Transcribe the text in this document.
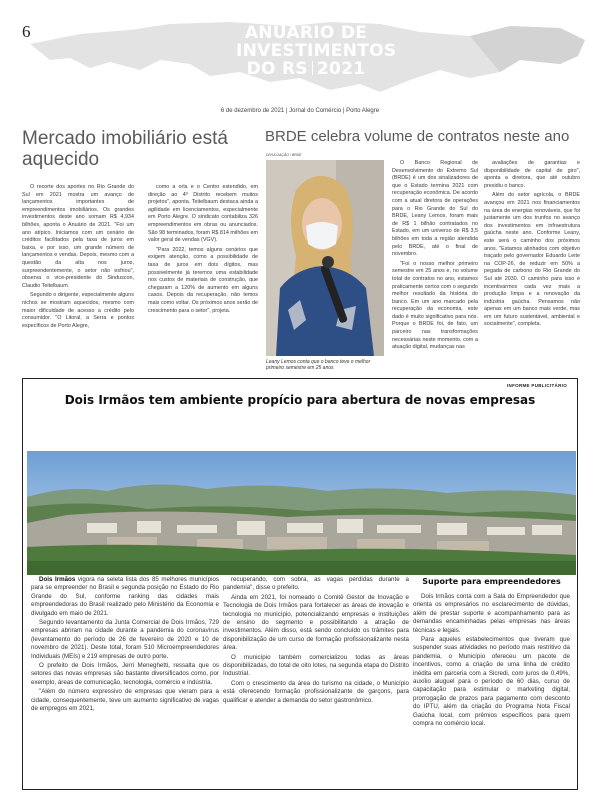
6	ANUÁRIO DE
INVESTIMENTOS
DO RS 2021
6 de dezembro de 2021 | Jornal do Comércio | Porto Alegre
Mercado imobiliário está aquecido

O recorte dos aportes no Rio Grande do Sul em 2021 mostra um avanço de lançamentos importantes de empreendimentos imobiliários. Os grandes investimentos deste ano somam R$ 4,934 bilhões, aponta o Anuário de 2021. "Foi um ano atípico. Iniciamos com um cenário de créditos facilitados pela taxa de juros em baixa, e por isso, um grande número de lançamentos e vendas. Depois, mesmo com a questão da alta nos juros, surpreendentemente, o setor não esfriou", observa o vice-presidente do Sinduscon, Claudio Teitelbaum.

Segundo o dirigente, especialmente alguns nichos se mostram aquecidos, mesmo com maior dificuldade de acesso a crédito pelo consumidor. "O Litoral, a Serra e pontos específicos de Porto Alegre,

como a orla e o Centro estendido, em direção ao 4º Distrito recebem muitos projetos", aponta. Teitelbaum destaca ainda a agilidade em licenciamentos, especialmente em Porto Alegre. O sindicato contabiliza 326 empreendimentos em obras ou anunciados. São 98 terminados, foram R$ 814 milhões em valor geral de vendas (VGV).

"Para 2022, temos alguns cenários que exigem atenção, como a possibilidade de taxa de juros em dois dígitos, mas possivelmente já teremos uma estabilidade nos custos de materiais de construção, que chegaram a 120% de aumento em alguns casos. Depois da recuperação, não temos mais como voltar. Os próximos anos serão de crescimento para o setor", projeta.

BRDE celebra volume de contratos neste ano
DIVULGAÇÃO / BRDE
Leany Lemos conta que o banco teve o melhor primeiro semestre em 25 anos

O Banco Regional de Desenvolvimento do Extremo Sul (BRDE) é um dos sinalizadores de que o Estado termina 2021 com recuperação econômica. De acordo com a atual diretora de operações para o Rio Grande do Sul do BRDE, Leany Lemos, foram mais de R$ 1 bilhão contratados no Estado, em um universo de R$ 3,5 bilhões em toda a região atendida pelo BRDE, até o final de novembro.

"Foi o nosso melhor primeiro semestre em 25 anos e, no volume total de contratos no ano, estamos praticamente certos com o segundo melhor resultado da história do banco. Em um ano marcado pela recuperação da economia, este dado é muito significativo para nós. Porque o BRDE foi, de fato, um parceiro nas transformações necessárias neste momento, com a atuação digital, mudanças nas

avaliações de garantias e disponibilidade de capital de giro", aponta a diretora, que até outubro presidiu o banco.

Além do setor agrícola, o BRDE avançou em 2021 nos financiamentos na área de energias renováveis, que foi justamente um dos trunfos no avanço dos investimentos em infraestrutura gaúcha neste ano. Conforme Leany, este será o caminho dos próximos anos. "Estamos alinhados com objetivo traçado pelo governador Eduardo Leite na COP-26, de reduzir em 50% a pegada de carbono do Rio Grande do Sul até 2030. O caminho para isso é incentivarmos cada vez mais a produção limpa e a renovação da indústria gaúcha. Pensamos não apenas em um banco mais verde, mas em um futuro sustentável, ambiental e socialmente", completa.

INFORME PUBLICITÁRIO
Dois Irmãos tem ambiente propício para abertura de novas empresas

Dois Irmãos vigora na seleta lista dos 85 melhores municípios para se empreender no Brasil e segunda posição no Estado do Rio Grande do Sul, conforme ranking das cidades mais empreendedoras do Brasil realizado pelo Ministério da Economia e divulgado em maio de 2021.

Segundo levantamento da Junta Comercial de Dois Irmãos, 729 empresas abriram na cidade durante a pandemia do coronavírus (levantamento do período de 26 de fevereiro de 2020 e 10 de novembro de 2021). Deste total, foram 510 Microempreendedores Individuais (MEIs) e 219 empresas de outro porte.

O prefeito de Dois Irmãos, Jerri Meneghetti, ressalta que os setores das novas empresas são bastante diversificados como, por exemplo, áreas de comunicação, tecnologia, comércio e indústria.

"Além do número expressivo de empresas que vieram para a cidade, consequentemente, teve um aumento significativo de vagas de empregos em 2021,

recuperando, com sobra, as vagas perdidas durante a pandemia", disse o prefeito.

Ainda em 2021, foi nomeado o Comitê Gestor de Inovação e Tecnologia de Dois Irmãos para fortalecer as áreas de inovação e tecnologia no município, potencializando empresas e instituições de ensino do segmento e possibilitando a atração de investimentos. Além disso, está sendo concluído os trâmites para disponibilização de um curso de formação profissionalizante nesta área.

O município também comercializou todas as áreas disponibilizadas, do total de oito lotes, na segunda etapa do Distrito Industrial.

Com o crescimento da área do turismo na cidade, o Município está oferecendo formação profissionalizante de garçons, para qualificar e atender a demanda do setor gastronômico.

Suporte para empreendedores

Dois Irmãos conta com a Sala do Empreendedor que orienta os empresários no esclarecimento de dúvidas, além de prestar suporte e acompanhamento para as demandas encaminhadas pelas empresas nas áreas técnicas e legais.

Para aqueles estabelecimentos que tiveram que suspender suas atividades no período mais restritivo da pandemia, o Município ofereceu um pacote de incentivos, como a criação de uma linha de crédito inédita em parceria com a Sicredi, com juros de 0,49%, auxílio aluguel para o período de 60 dias, curso de capacitação para estimular o marketing digital, prorrogação de prazos para pagamento com desconto do IPTU, além da criação do Programa Nota Fiscal Gaúcha local, com prêmios específicos para quem compra no comércio local.
